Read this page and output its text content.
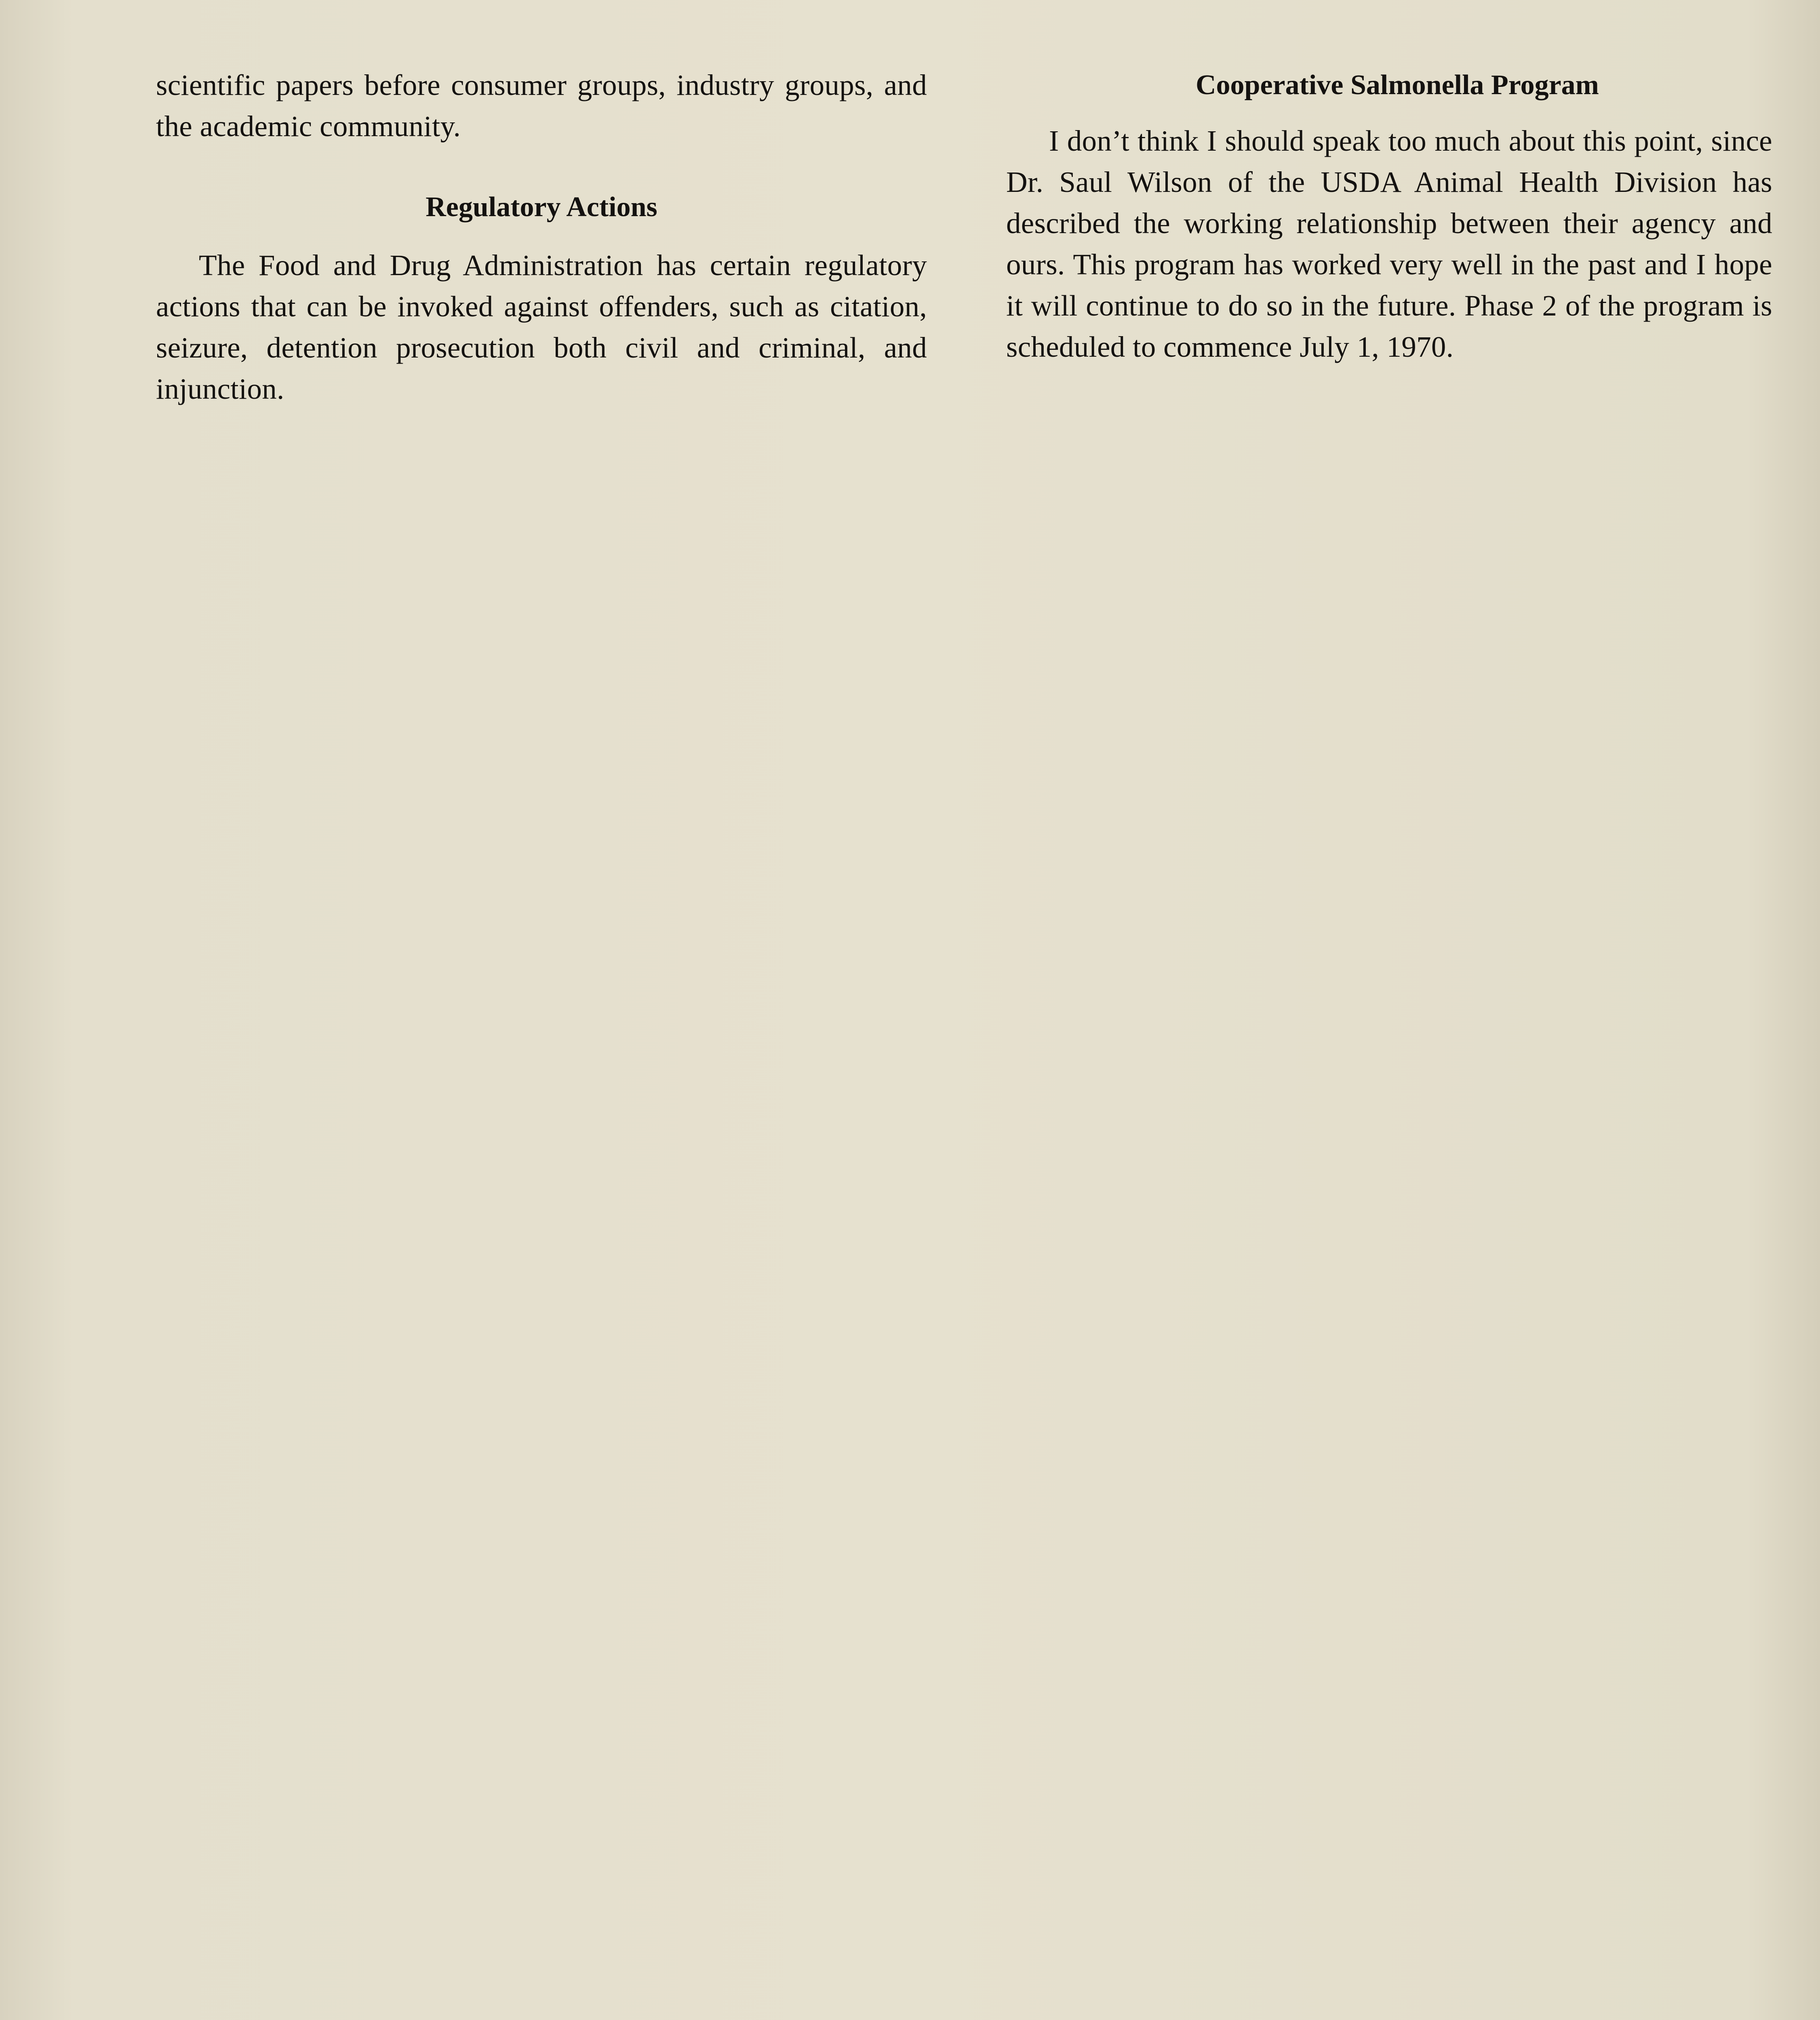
scientific papers before consumer groups, industry groups, and the academic community.

Regulatory Actions

The Food and Drug Administration has certain regulatory actions that can be invoked against offenders, such as citation, seizure, detention prosecution both civil and criminal, and injunction.

Cooperative Salmonella Program

I don’t think I should speak too much about this point, since Dr. Saul Wilson of the USDA Animal Health Division has described the working relationship between their agency and ours. This program has worked very well in the past and I hope it will continue to do so in the future. Phase 2 of the program is scheduled to commence July 1, 1970.
